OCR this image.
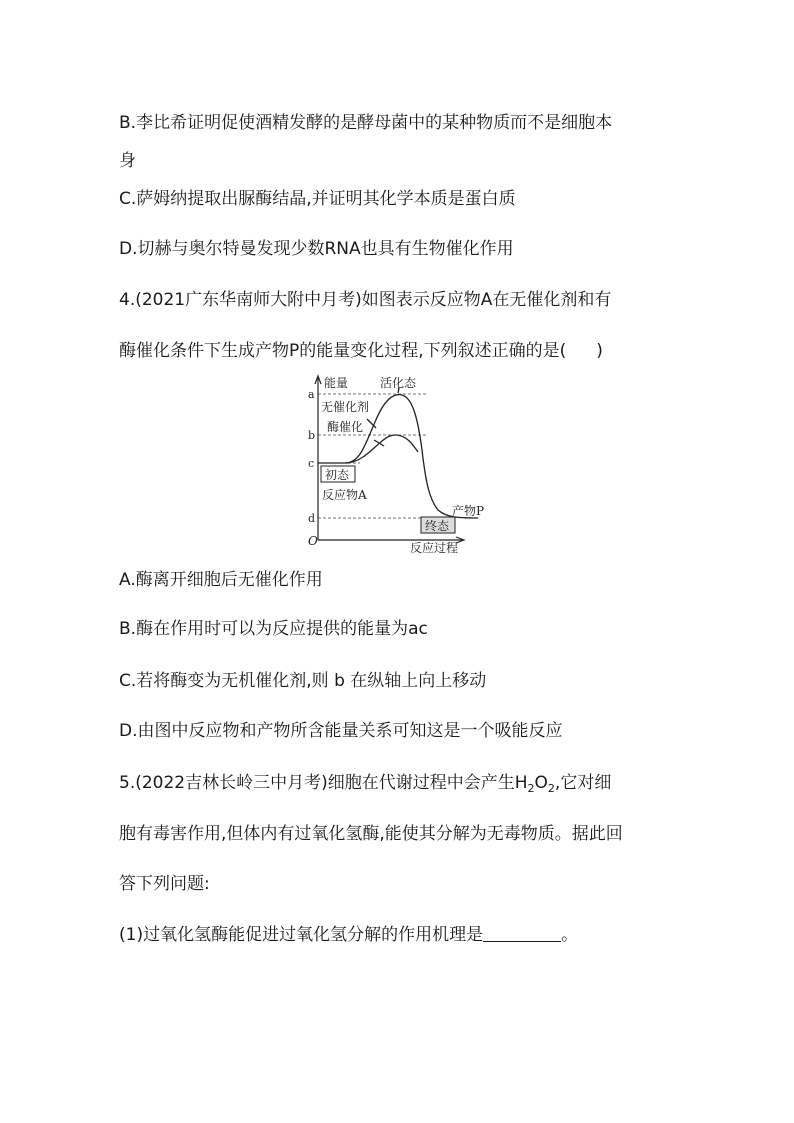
B.李比希证明促使酒精发酵的是酵母菌中的某种物质而不是细胞本
身
C.萨姆纳提取出脲酶结晶,并证明其化学本质是蛋白质
D.切赫与奥尔特曼发现少数RNA也具有生物催化作用
4.(2021广东华南师大附中月考)如图表示反应物A在无催化剂和有
酶催化条件下生成产物P的能量变化过程,下列叙述正确的是( )
能量
a
b
c
d
O	反应过程
活化态
无催化剂
酶催化
初态
反应物A
产物P
终态
A.酶离开细胞后无催化作用
B.酶在作用时可以为反应提供的能量为ac
C.若将酶变为无机催化剂,则 b 在纵轴上向上移动
D.由图中反应物和产物所含能量关系可知这是一个吸能反应
5.(2022吉林长岭三中月考)细胞在代谢过程中会产生$H_2O_2$,它对细
胞有毒害作用,但体内有过氧化氢酶,能使其分解为无毒物质。据此回
答下列问题:
(1)过氧化氢酶能促进过氧化氢分解的作用机理是	。
